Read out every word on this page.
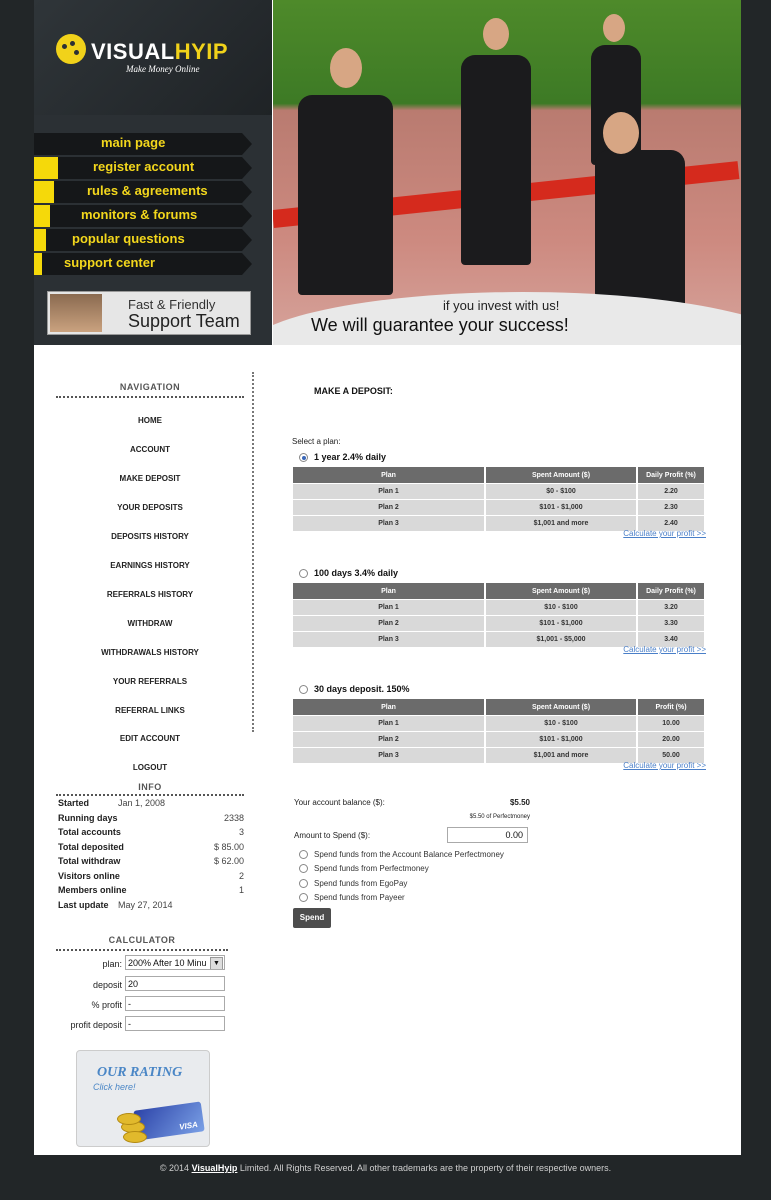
VISUALHYIP
Make Money Online
main page
register account
rules & agreements
monitors & forums
popular questions
support center
Fast & Friendly
Support Team
if you invest with us!
We will guarantee your success!
NAVIGATION
HOME
ACCOUNT
MAKE DEPOSIT
YOUR DEPOSITS
DEPOSITS HISTORY
EARNINGS HISTORY
REFERRALS HISTORY
WITHDRAW
WITHDRAWALS HISTORY
YOUR REFERRALS
REFERRAL LINKS
EDIT ACCOUNT
LOGOUT
INFO
Started	Jan 1, 2008
Running days	2338
Total accounts	3
Total deposited	$ 85.00
Total withdraw	$ 62.00
Visitors online	2
Members online	1
Last update May 27, 2014
CALCULATOR
plan: 200% After 10 Minu ▼
deposit 20
% profit -
profit deposit -
OUR RATING
Click here!
VISA
MAKE A DEPOSIT:
Select a plan:
1 year 2.4% daily
Plan	Spent Amount ($)	Daily Profit (%)
Plan 1	$0 - $100	2.20
Plan 2	$101 - $1,000	2.30
Plan 3	$1,001 and more	2.40
Calculate your profit >>
100 days 3.4% daily
Plan	Spent Amount ($)	Daily Profit (%)
Plan 1	$10 - $100	3.20
Plan 2	$101 - $1,000	3.30
Plan 3	$1,001 - $5,000	3.40
Calculate your profit >>
30 days deposit. 150%
Plan	Spent Amount ($)	Profit (%)
Plan 1	$10 - $100	10.00
Plan 2	$101 - $1,000	20.00
Plan 3	$1,001 and more	50.00
Calculate your profit >>
Your account balance ($):	$5.50
$5.50 of Perfectmoney
Amount to Spend ($):	0.00
Spend funds from the Account Balance Perfectmoney
Spend funds from Perfectmoney
Spend funds from EgoPay
Spend funds from Payeer
Spend
© 2014 VisualHyip Limited. All Rights Reserved. All other trademarks are the property of their respective owners.
